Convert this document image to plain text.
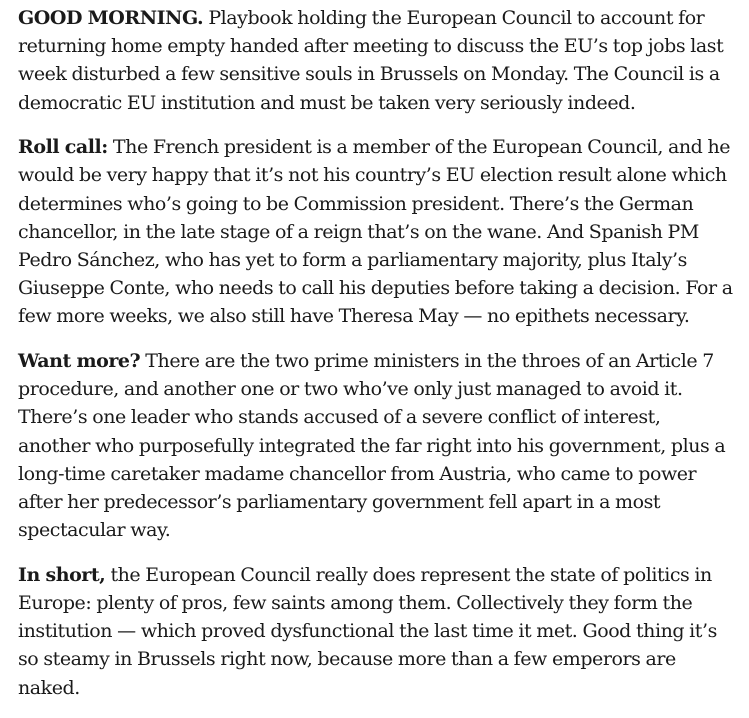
GOOD MORNING. Playbook holding the European Council to account for returning home empty handed after meeting to discuss the EU’s top jobs last week disturbed a few sensitive souls in Brussels on Monday. The Council is a democratic EU institution and must be taken very seriously indeed.

Roll call: The French president is a member of the European Council, and he would be very happy that it’s not his country’s EU election result alone which determines who’s going to be Commission president. There’s the German chancellor, in the late stage of a reign that’s on the wane. And Spanish PM Pedro Sánchez, who has yet to form a parliamentary majority, plus Italy’s Giuseppe Conte, who needs to call his deputies before taking a decision. For a few more weeks, we also still have Theresa May — no epithets necessary.

Want more? There are the two prime ministers in the throes of an Article 7 procedure, and another one or two who’ve only just managed to avoid it. There’s one leader who stands accused of a severe conflict of interest, another who purposefully integrated the far right into his government, plus a long-time caretaker madame chancellor from Austria, who came to power after her predecessor’s parliamentary government fell apart in a most spectacular way.

In short, the European Council really does represent the state of politics in Europe: plenty of pros, few saints among them. Collectively they form the institution — which proved dysfunctional the last time it met. Good thing it’s so steamy in Brussels right now, because more than a few emperors are naked.
